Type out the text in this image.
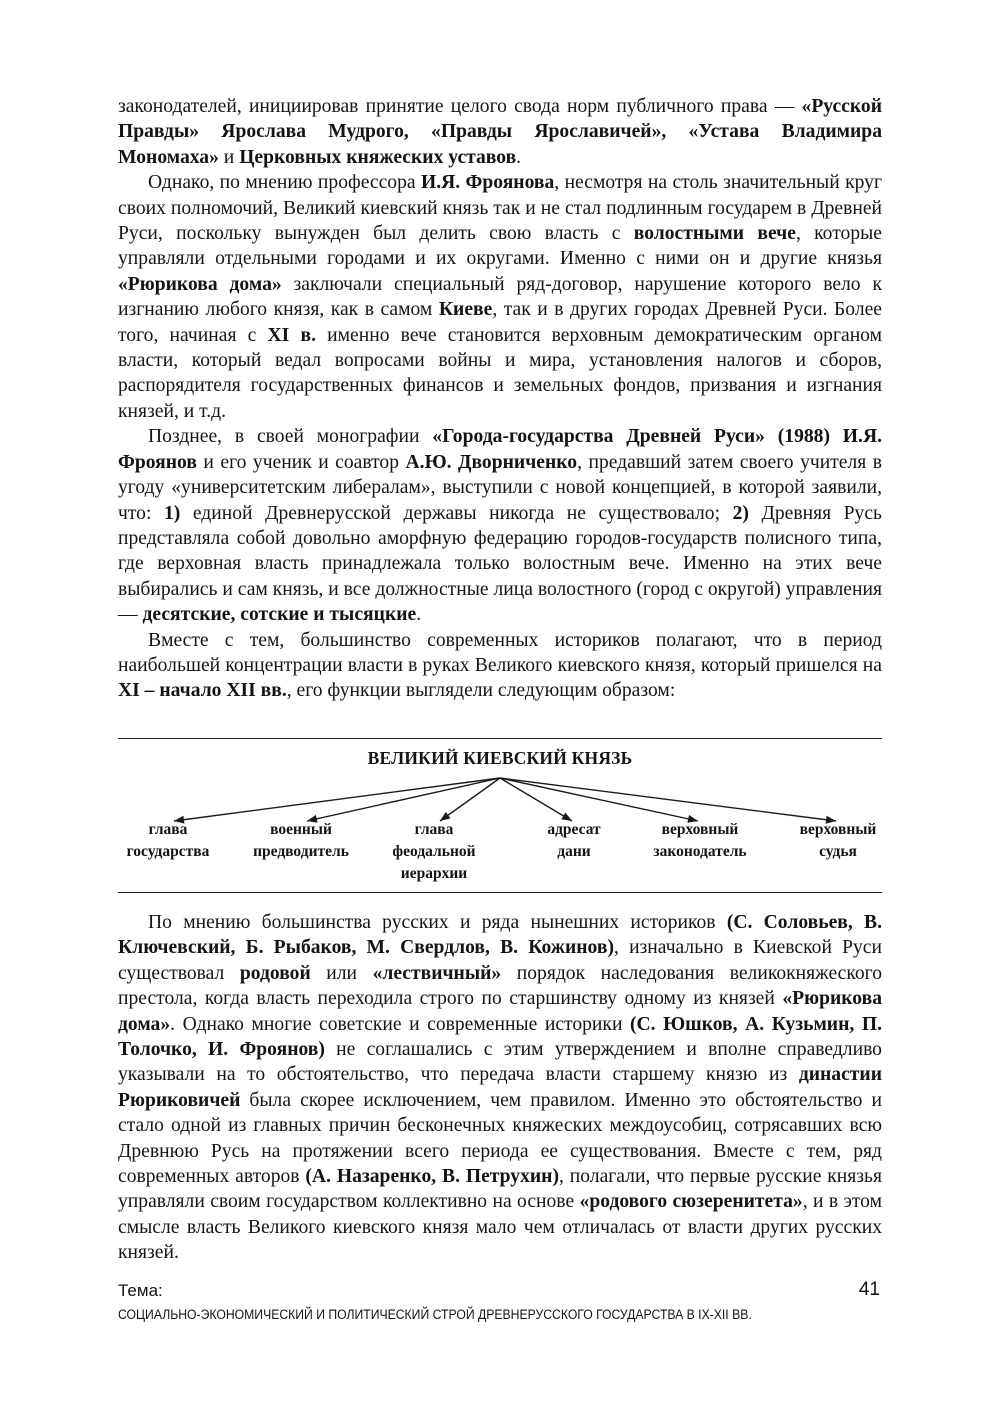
законодателей, инициировав принятие целого свода норм публичного права — «Русской Правды» Ярослава Мудрого, «Правды Ярославичей», «Устава Владимира Мономаха» и Церковных княжеских уставов.

Однако, по мнению профессора И.Я. Фроянова, несмотря на столь значительный круг своих полномочий, Великий киевский князь так и не стал подлинным государем в Древней Руси, поскольку вынужден был делить свою власть с волостными вече, которые управляли отдельными городами и их округами. Именно с ними он и другие князья «Рюрикова дома» заключали специальный ряд-договор, нарушение которого вело к изгнанию любого князя, как в самом Киеве, так и в других городах Древней Руси. Более того, начиная с XI в. именно вече становится верховным демократическим органом власти, который ведал вопросами войны и мира, установления налогов и сборов, распорядителя государственных финансов и земельных фондов, призвания и изгнания князей, и т.д.

Позднее, в своей монографии «Города-государства Древней Руси» (1988) И.Я. Фроянов и его ученик и соавтор А.Ю. Дворниченко, предавший затем своего учителя в угоду «университетским либералам», выступили с новой концепцией, в которой заявили, что: 1) единой Древнерусской державы никогда не существовало; 2) Древняя Русь представляла собой довольно аморфную федерацию городов-государств полисного типа, где верховная власть принадлежала только волостным вече. Именно на этих вече выбирались и сам князь, и все должностные лица волостного (город с округой) управления — десятские, сотские и тысяцкие.

Вместе с тем, большинство современных историков полагают, что в период наибольшей концентрации власти в руках Великого киевского князя, который пришелся на XI – начало XII вв., его функции выглядели следующим образом:

ВЕЛИКИЙ КИЕВСКИЙ КНЯЗЬ
глава
государства
военный
предводитель
глава
феодальной
иерархии
адресат
дани
верховный
законодатель
верховный
судья

По мнению большинства русских и ряда нынешних историков (С. Соловьев, В. Ключевский, Б. Рыбаков, М. Свердлов, В. Кожинов), изначально в Киевской Руси существовал родовой или «лествичный» порядок наследования великокняжеского престола, когда власть переходила строго по старшинству одному из князей «Рюрикова дома». Однако многие советские и современные историки (С. Юшков, А. Кузьмин, П. Толочко, И. Фроянов) не соглашались с этим утверждением и вполне справедливо указывали на то обстоятельство, что передача власти старшему князю из династии Рюриковичей была скорее исключением, чем правилом. Именно это обстоятельство и стало одной из главных причин бесконечных княжеских междоусобиц, сотрясавших всю Древнюю Русь на протяжении всего периода ее существования. Вместе с тем, ряд современных авторов (А. Назаренко, В. Петрухин), полагали, что первые русские князья управляли своим государством коллективно на основе «родового сюзеренитета», и в этом смысле власть Великого киевского князя мало чем отличалась от власти других русских князей.

Тема:
СОЦИАЛЬНО-ЭКОНОМИЧЕСКИЙ И ПОЛИТИЧЕСКИЙ СТРОЙ ДРЕВНЕРУССКОГО ГОСУДАРСТВА В IX-XII ВВ.
41
